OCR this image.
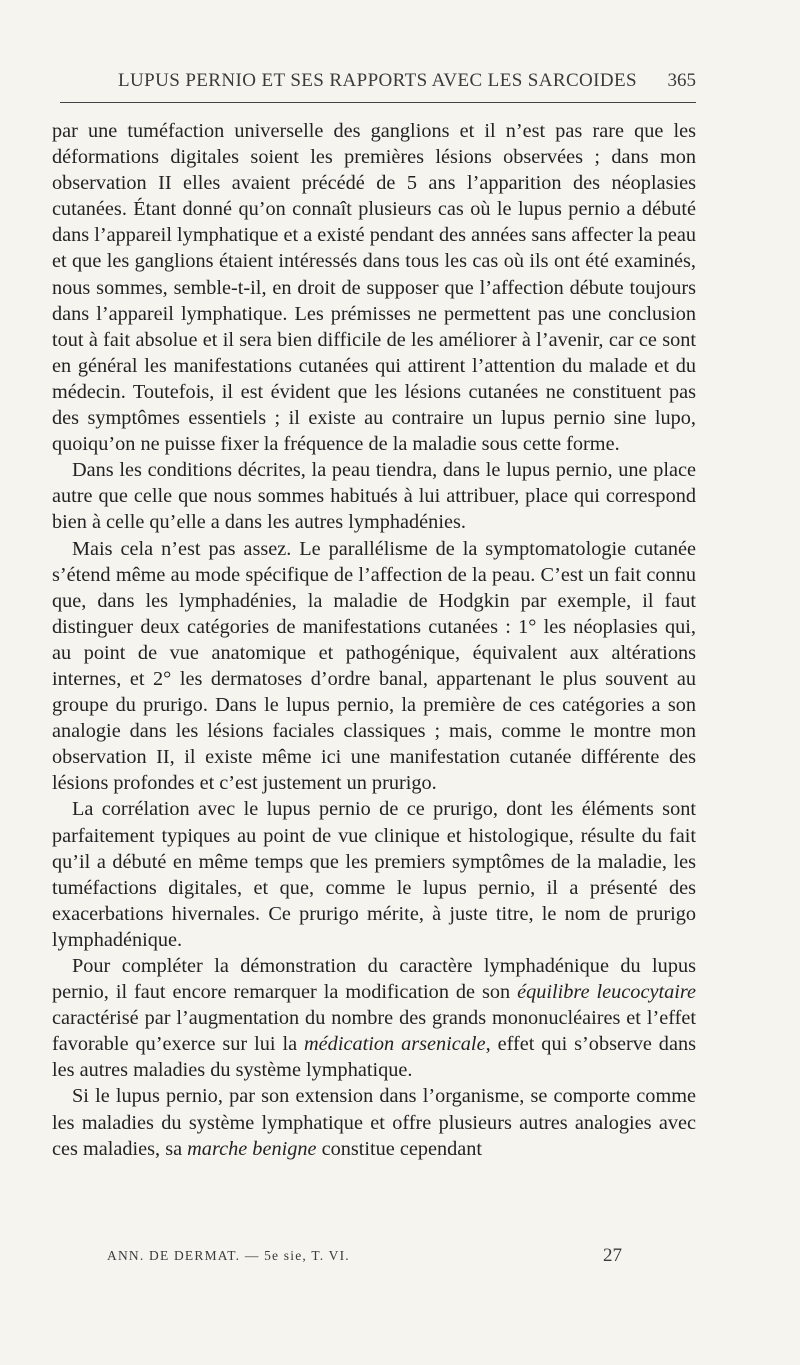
LUPUS PERNIO ET SES RAPPORTS AVEC LES SARCOIDES 365

par une tuméfaction universelle des ganglions et il n’est pas rare que les déformations digitales soient les premières lésions observées ; dans mon observation II elles avaient précédé de 5 ans l’apparition des néoplasies cutanées. Étant donné qu’on connaît plusieurs cas où le lupus pernio a débuté dans l’appareil lymphatique et a existé pendant des années sans affecter la peau et que les ganglions étaient intéressés dans tous les cas où ils ont été examinés, nous sommes, semble-t-il, en droit de supposer que l’affection débute toujours dans l’appareil lymphatique. Les prémisses ne permettent pas une conclusion tout à fait absolue et il sera bien difficile de les améliorer à l’avenir, car ce sont en général les manifestations cutanées qui attirent l’attention du malade et du médecin. Toutefois, il est évident que les lésions cutanées ne constituent pas des symptômes essentiels ; il existe au contraire un lupus pernio sine lupo, quoiqu’on ne puisse fixer la fréquence de la maladie sous cette forme.

Dans les conditions décrites, la peau tiendra, dans le lupus pernio, une place autre que celle que nous sommes habitués à lui attribuer, place qui correspond bien à celle qu’elle a dans les autres lymphadénies.

Mais cela n’est pas assez. Le parallélisme de la symptomatologie cutanée s’étend même au mode spécifique de l’affection de la peau. C’est un fait connu que, dans les lymphadénies, la maladie de Hodgkin par exemple, il faut distinguer deux catégories de manifestations cutanées : 1° les néoplasies qui, au point de vue anatomique et pathogénique, équivalent aux altérations internes, et 2° les dermatoses d’ordre banal, appartenant le plus souvent au groupe du prurigo. Dans le lupus pernio, la première de ces catégories a son analogie dans les lésions faciales classiques ; mais, comme le montre mon observation II, il existe même ici une manifestation cutanée différente des lésions profondes et c’est justement un prurigo.

La corrélation avec le lupus pernio de ce prurigo, dont les éléments sont parfaitement typiques au point de vue clinique et histologique, résulte du fait qu’il a débuté en même temps que les premiers symptômes de la maladie, les tuméfactions digitales, et que, comme le lupus pernio, il a présenté des exacerbations hivernales. Ce prurigo mérite, à juste titre, le nom de prurigo lymphadénique.

Pour compléter la démonstration du caractère lymphadénique du lupus pernio, il faut encore remarquer la modification de son équilibre leucocytaire caractérisé par l’augmentation du nombre des grands mononucléaires et l’effet favorable qu’exerce sur lui la médication arsenicale, effet qui s’observe dans les autres maladies du système lymphatique.

Si le lupus pernio, par son extension dans l’organisme, se comporte comme les maladies du système lymphatique et offre plusieurs autres analogies avec ces maladies, sa marche benigne constitue cependant

ANN. DE DERMAT. — 5e sie, T. VI.	27
